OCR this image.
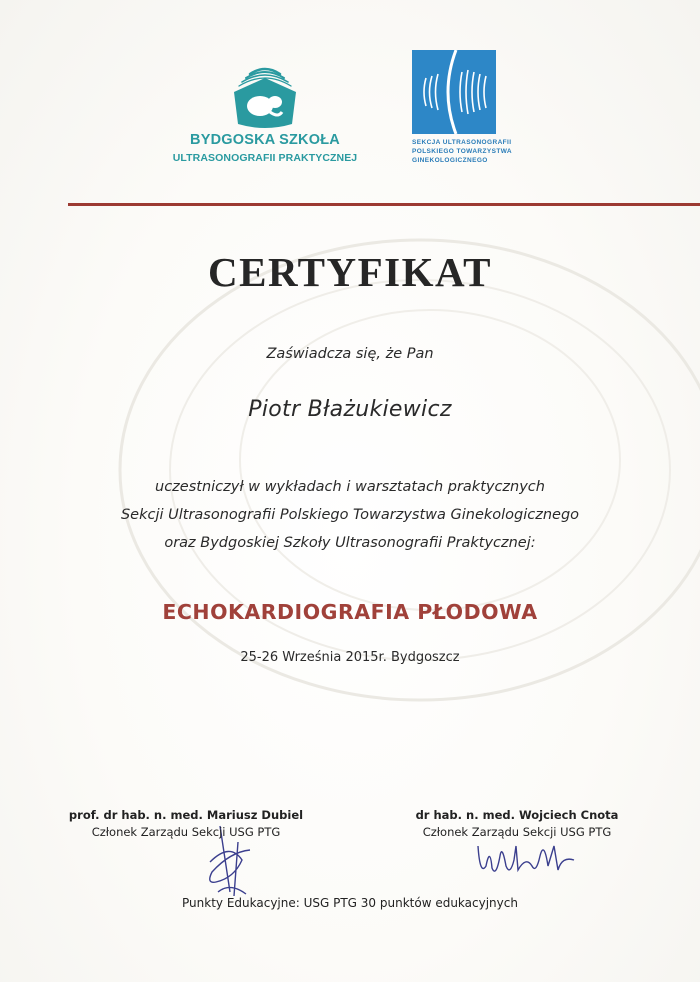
BYDGOSKA SZKOŁA
ULTRASONOGRAFII PRAKTYCZNEJ
SEKCJA ULTRASONOGRAFII
POLSKIEGO TOWARZYSTWA
GINEKOLOGICZNEGO
CERTYFIKAT
Zaświadcza się, że Pan
Piotr Błażukiewicz
uczestniczył w wykładach i warsztatach praktycznych
Sekcji Ultrasonografii Polskiego Towarzystwa Ginekologicznego
oraz Bydgoskiej Szkoły Ultrasonografii Praktycznej:
ECHOKARDIOGRAFIA PŁODOWA
25-26 Września 2015r. Bydgoszcz
prof. dr hab. n. med. Mariusz Dubiel
Członek Zarządu Sekcji USG PTG
dr hab. n. med. Wojciech Cnota
Członek Zarządu Sekcji USG PTG
Punkty Edukacyjne: USG PTG 30 punktów edukacyjnych
